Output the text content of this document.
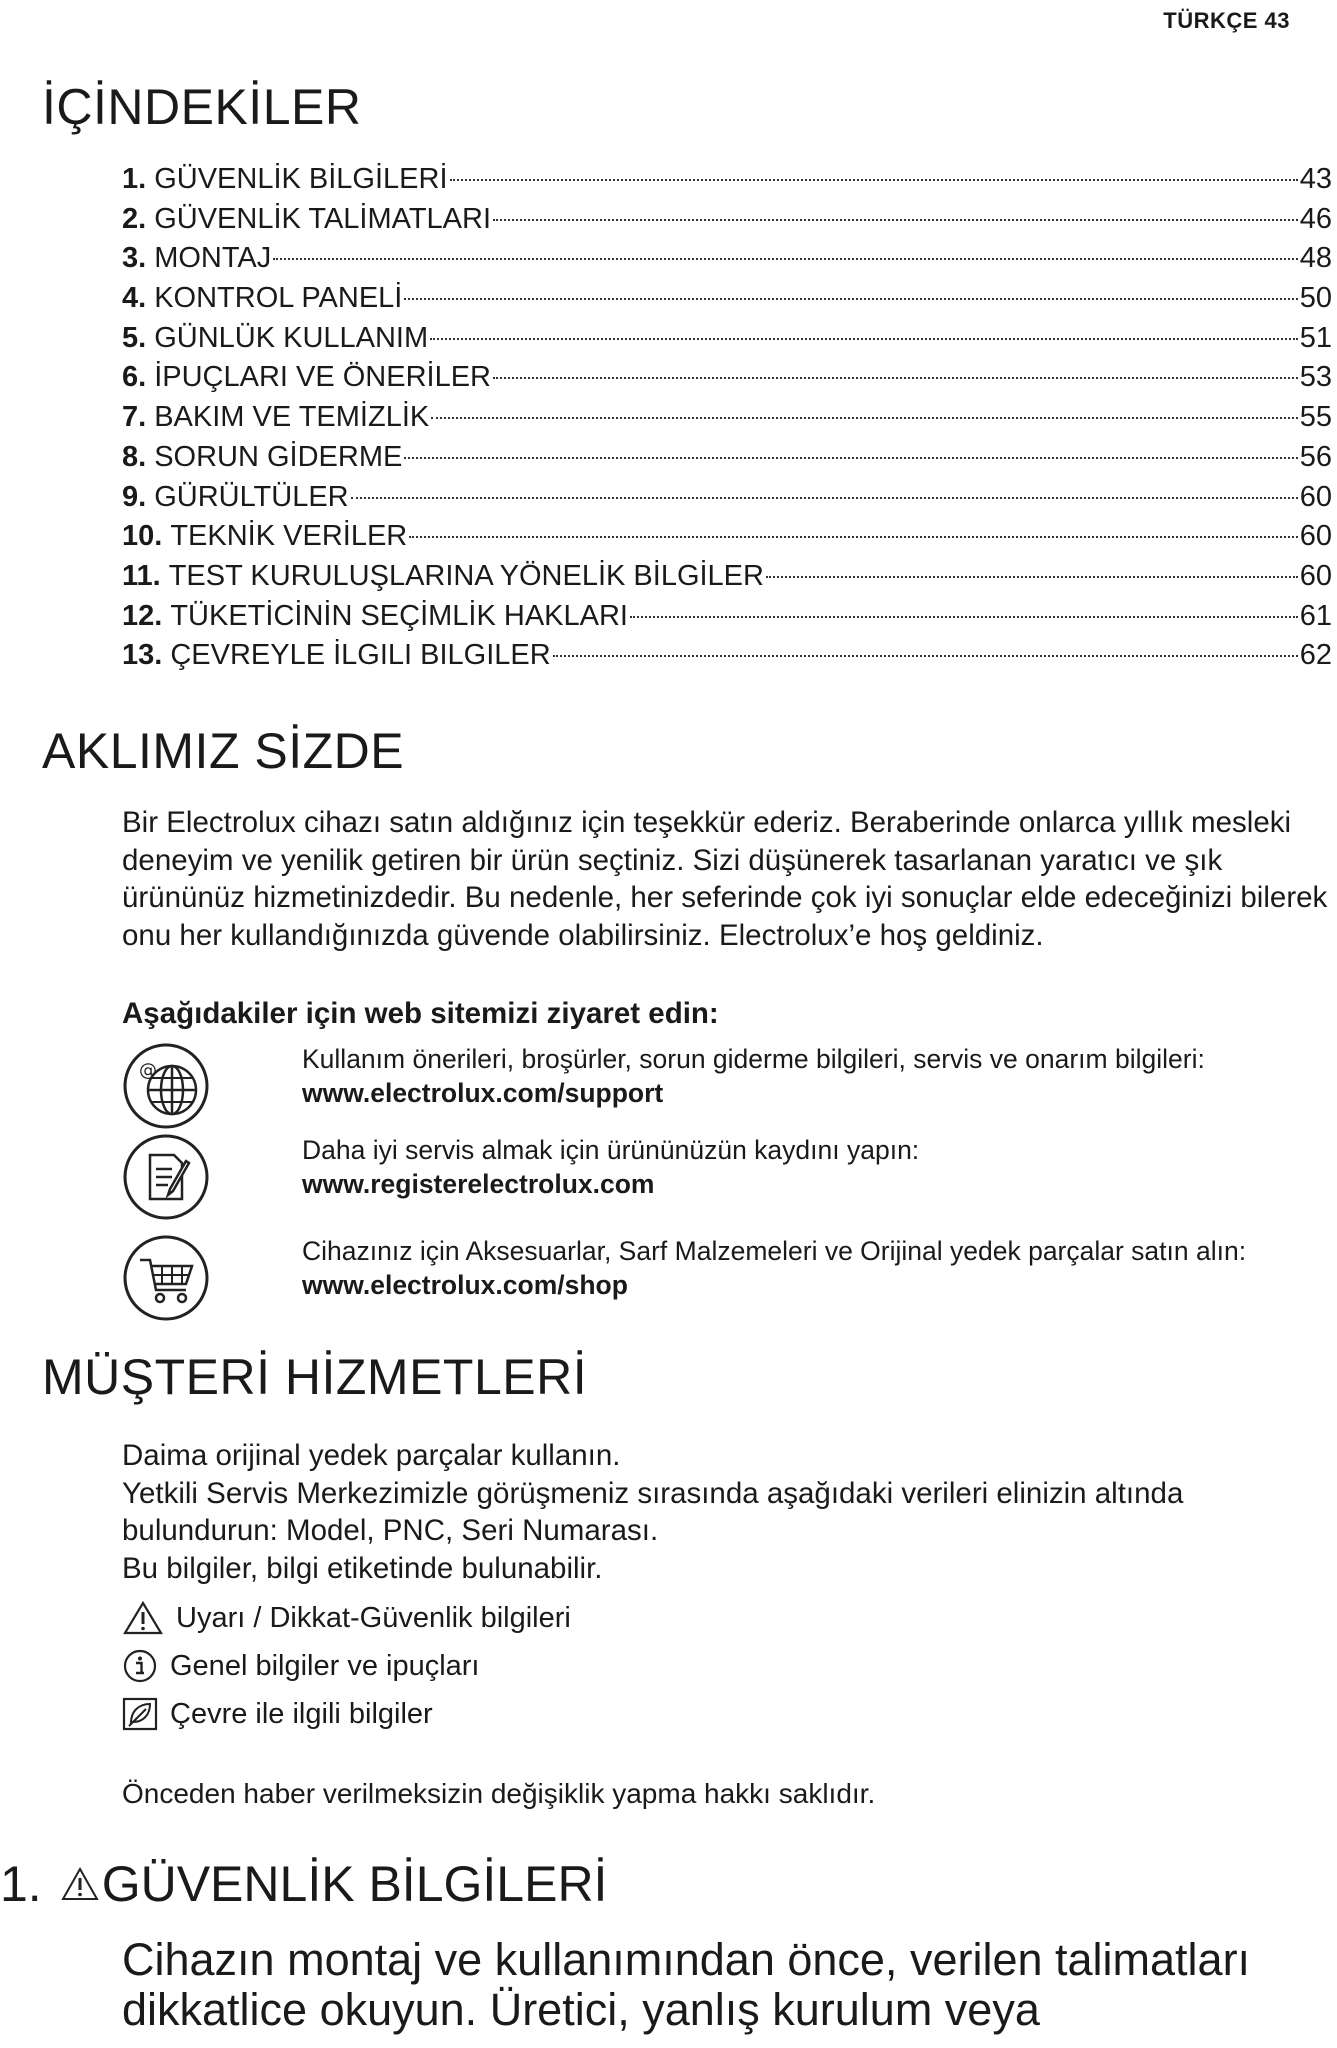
TÜRKÇE 43
İÇİNDEKİLER
1. GÜVENLİK BİLGİLERİ	43
2. GÜVENLİK TALİMATLARI	46
3. MONTAJ	48
4. KONTROL PANELİ	50
5. GÜNLÜK KULLANIM	51
6. İPUÇLARI VE ÖNERİLER	53
7. BAKIM VE TEMİZLİK	55
8. SORUN GİDERME	56
9. GÜRÜLTÜLER	60
10. TEKNİK VERİLER	60
11. TEST KURULUŞLARINA YÖNELİK BİLGİLER	60
12. TÜKETİCİNİN SEÇİMLİK HAKLARI	61
13. ÇEVREYLE İLGILI BILGILER	62
AKLIMIZ SİZDE
Bir Electrolux cihazı satın aldığınız için teşekkür ederiz. Beraberinde onlarca yıllık mesleki deneyim ve yenilik getiren bir ürün seçtiniz. Sizi düşünerek tasarlanan yaratıcı ve şık ürününüz hizmetinizdedir. Bu nedenle, her seferinde çok iyi sonuçlar elde edeceğinizi bilerek onu her kullandığınızda güvende olabilirsiniz. Electrolux’e hoş geldiniz.
Aşağıdakiler için web sitemizi ziyaret edin:
@	Kullanım önerileri, broşürler, sorun giderme bilgileri, servis ve onarım bilgileri:
www.electrolux.com/support
Daha iyi servis almak için ürününüzün kaydını yapın:
www.registerelectrolux.com
Cihazınız için Aksesuarlar, Sarf Malzemeleri ve Orijinal yedek parçalar satın alın:
www.electrolux.com/shop
MÜŞTERİ HİZMETLERİ
Daima orijinal yedek parçalar kullanın.
Yetkili Servis Merkezimizle görüşmeniz sırasında aşağıdaki verileri elinizin altında bulundurun: Model, PNC, Seri Numarası.
Bu bilgiler, bilgi etiketinde bulunabilir.
Uyarı / Dikkat-Güvenlik bilgileri
Genel bilgiler ve ipuçları
Çevre ile ilgili bilgiler
Önceden haber verilmeksizin değişiklik yapma hakkı saklıdır.
1. GÜVENLİK BİLGİLERİ
Cihazın montaj ve kullanımından önce, verilen talimatları dikkatlice okuyun. Üretici, yanlış kurulum veya
